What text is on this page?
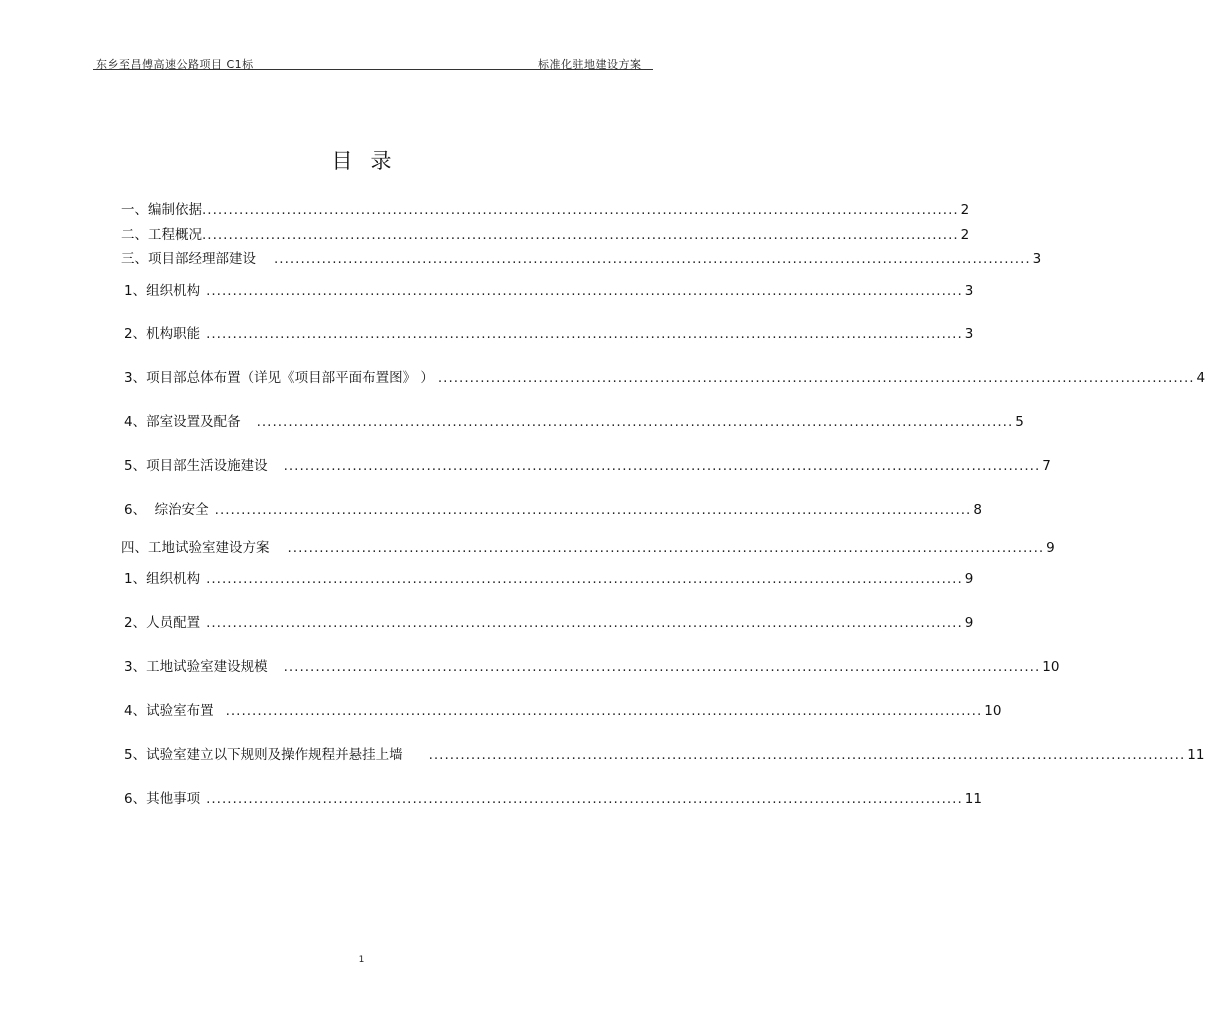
东乡至昌傅高速公路项目 C1标	标准化驻地建设方案
目录
一、编制依据 ............................................................................................................................................... 2
二、工程概况 ............................................................................................................................................... 2
三、项目部经理部建设 ............................................................................................................................................... 3
1、组织机构 ............................................................................................................................................... 3
2、机构职能 ............................................................................................................................................... 3
3、项目部总体布置（详见《项目部平面布置图》 ） ............................................................................................................................................... 4
4、部室设置及配备 ............................................................................................................................................... 5
5、项目部生活设施建设 ............................................................................................................................................... 7
6、  综治安全 ............................................................................................................................................... 8
四、工地试验室建设方案 ............................................................................................................................................... 9
1、组织机构 ............................................................................................................................................... 9
2、人员配置 ............................................................................................................................................... 9
3、工地试验室建设规模 ............................................................................................................................................... 10
4、试验室布置 ............................................................................................................................................... 10
5、试验室建立以下规则及操作规程并悬挂上墙 ............................................................................................................................................... 11
6、其他事项 ............................................................................................................................................... 11
1
